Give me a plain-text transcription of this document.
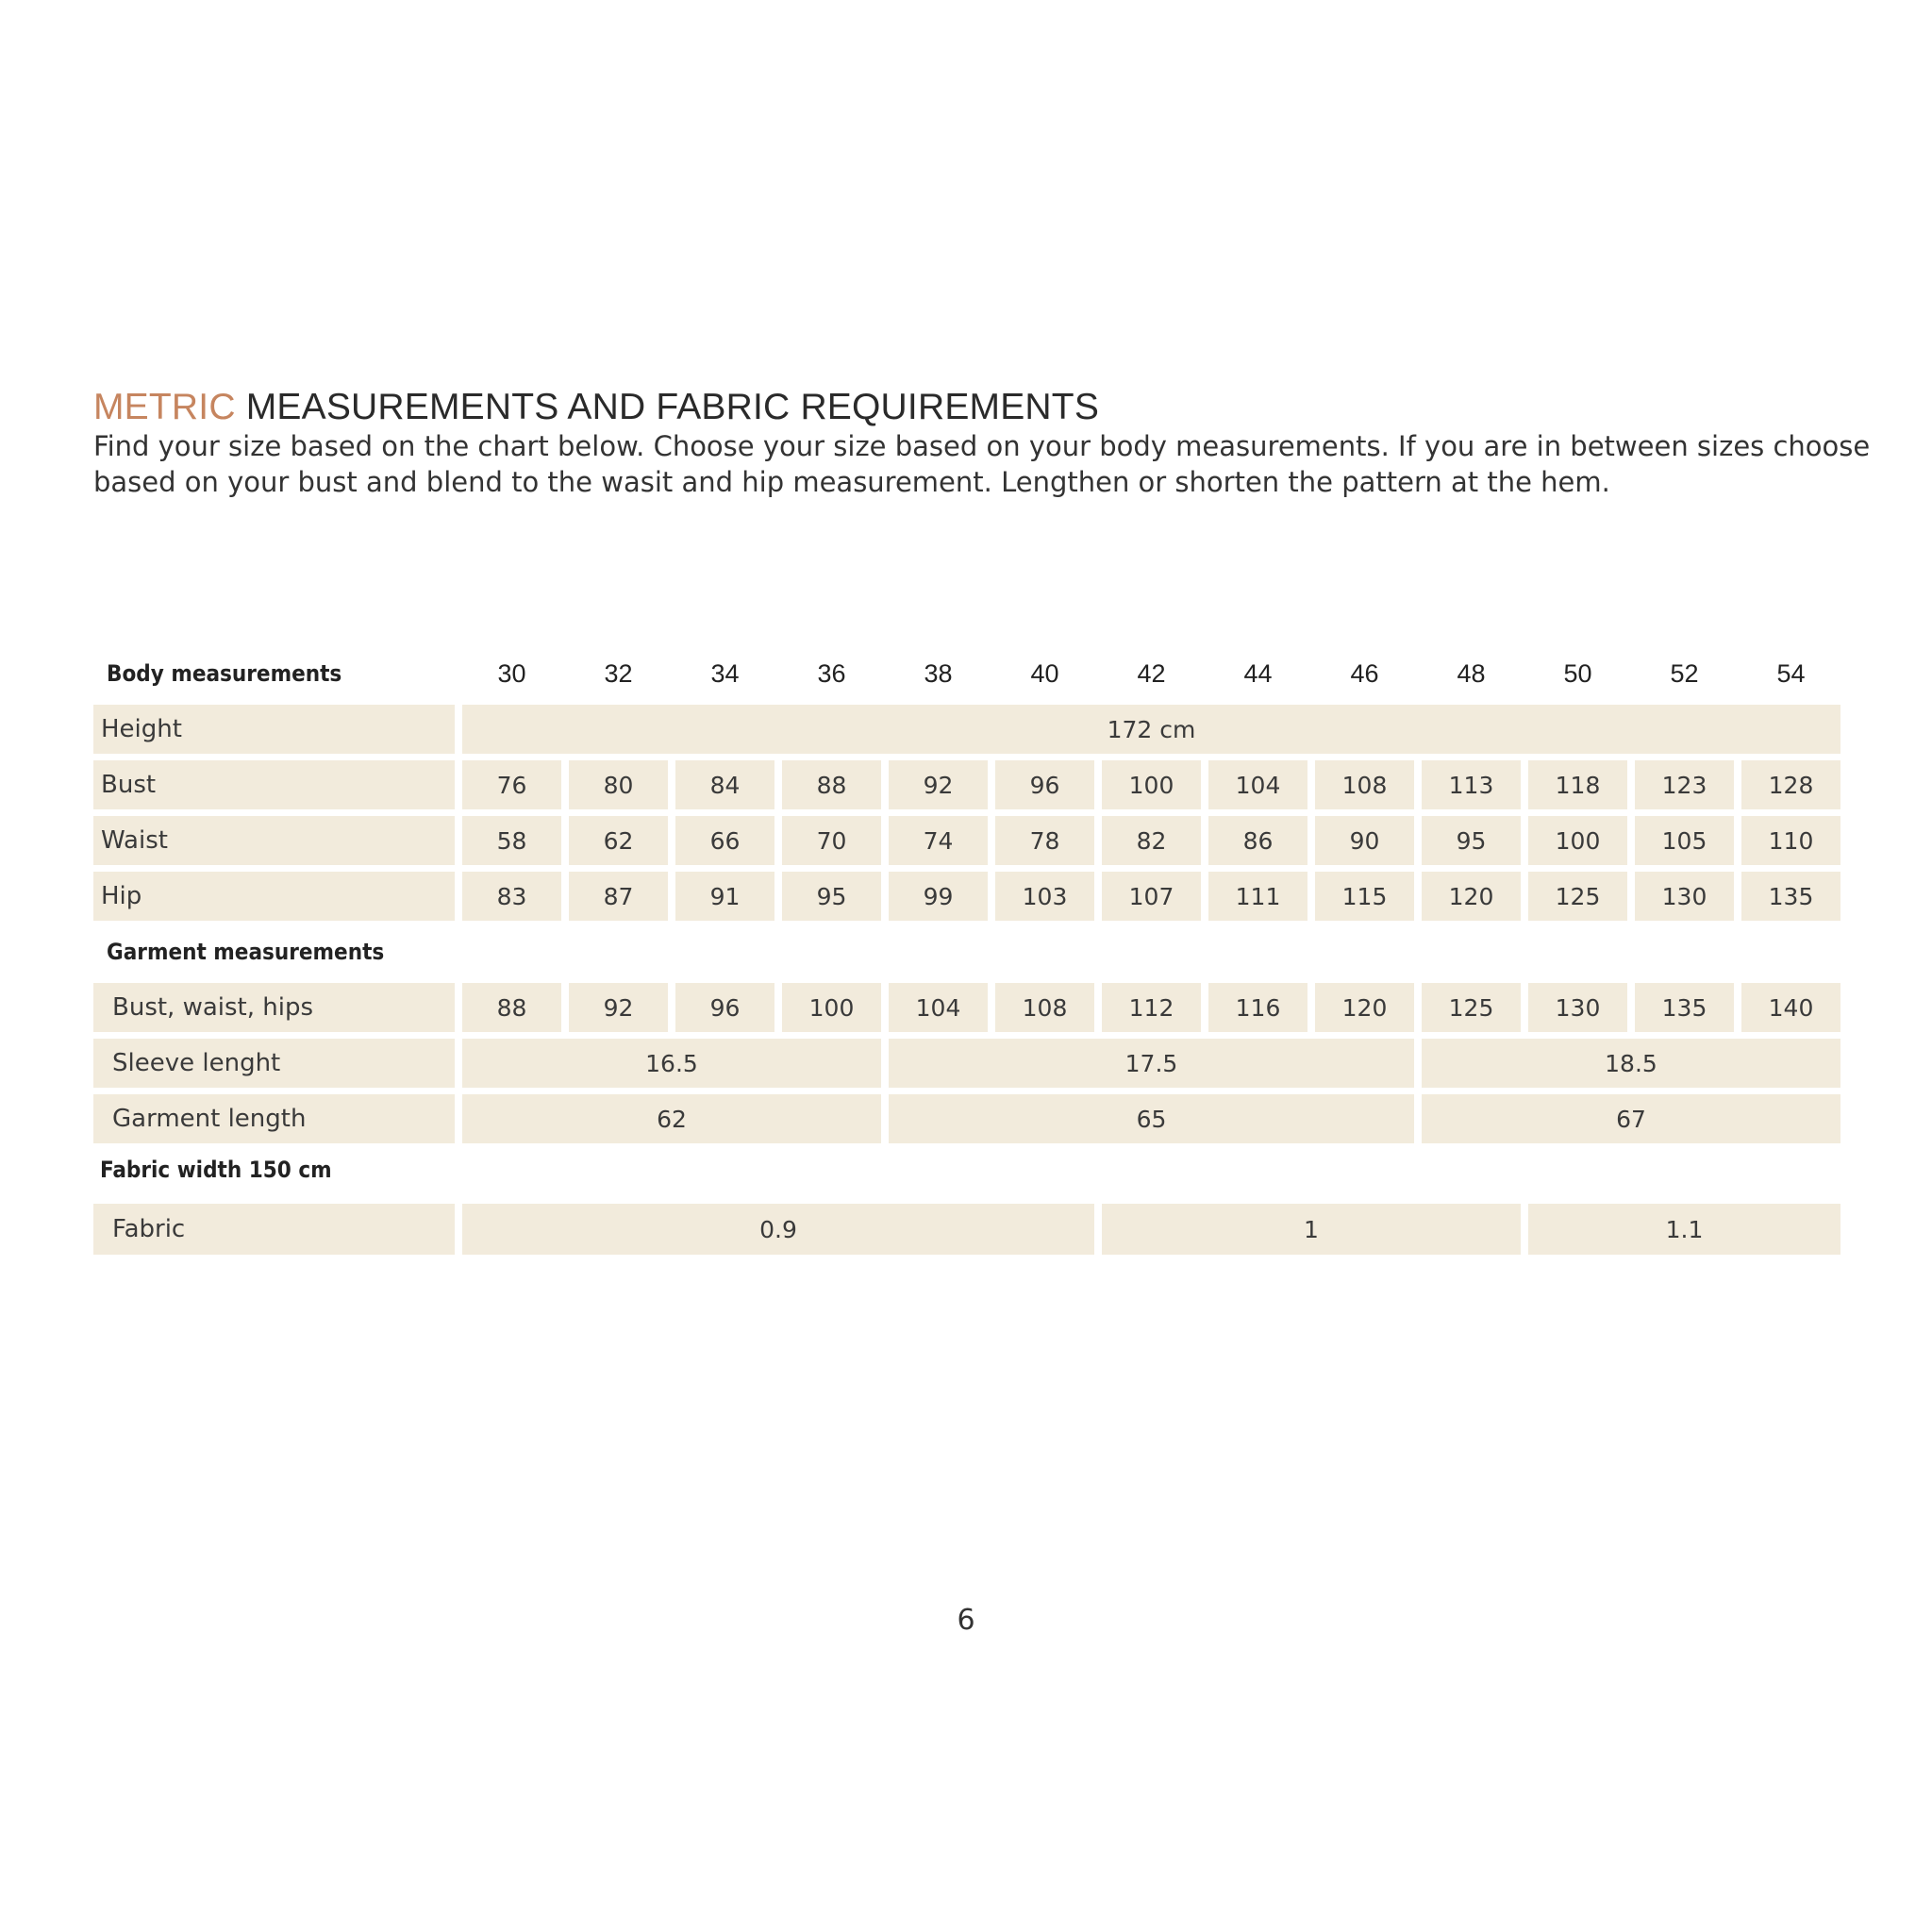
METRIC MEASUREMENTS AND FABRIC REQUIREMENTS

Find your size based on the chart below. Choose your size based on your body measurements. If you are in between sizes choose based on your bust and blend to the wasit and hip measurement. Lengthen or shorten the pattern at the hem.

Body measurements	30	32	34	36	38	40	42	44	46	48	50	52	54
Height	172 cm
Bust	76	80	84	88	92	96	100	104	108	113	118	123	128
Waist	58	62	66	70	74	78	82	86	90	95	100	105	110
Hip	83	87	91	95	99	103	107	111	115	120	125	130	135
Garment measurements
Bust, waist, hips	88	92	96	100	104	108	112	116	120	125	130	135	140
Sleeve lenght	16.5	17.5	18.5
Garment length	62	65	67
Fabric width 150 cm
Fabric	0.9	1	1.1
6
